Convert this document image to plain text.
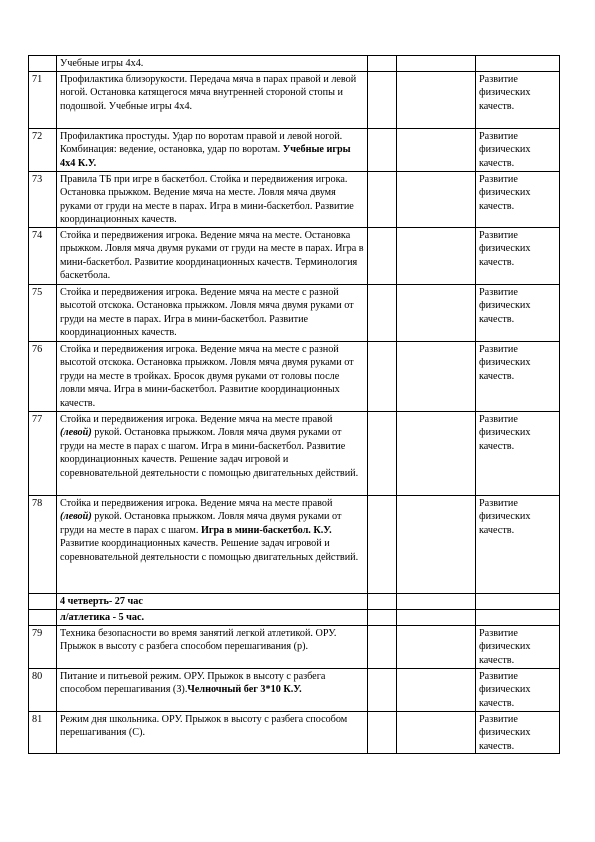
	Учебные игры 4х4.			
71	Профилактика близорукости. Передача мяча в парах правой и левой ногой. Остановка катящегося мяча внутренней стороной стопы и подошвой. Учебные игры 4х4.			Развитие физических качеств.
72	Профилактика простуды. Удар по воротам правой и левой ногой. Комбинация: ведение, остановка, удар по воротам. Учебные игры 4х4 К.У.			Развитие физических качеств.
73	Правила ТБ при игре в баскетбол. Стойка и передвижения игрока. Остановка прыжком. Ведение мяча на месте. Ловля мяча двумя руками от груди на месте в парах. Игра в мини-баскетбол. Развитие координационных качеств.			Развитие физических качеств.
74	Стойка и передвижения игрока. Ведение мяча на месте. Остановка прыжком. Ловля мяча двумя руками от груди на месте в парах. Игра в мини-баскетбол. Развитие координационных качеств. Терминология баскетбола.			Развитие физических качеств.
75	Стойка и передвижения игрока. Ведение мяча на месте с разной высотой отскока. Остановка прыжком. Ловля мяча двумя руками от груди на месте в парах. Игра в мини-баскетбол. Развитие координационных качеств.			Развитие физических качеств.
76	Стойка и передвижения игрока. Ведение мяча на месте с разной высотой отскока. Остановка прыжком. Ловля мяча двумя руками от груди на месте в тройках. Бросок двумя руками от головы после ловли мяча. Игра в мини-баскетбол. Развитие координационных качеств.			Развитие физических качеств.
77	Стойка и передвижения игрока. Ведение мяча на месте правой (левой) рукой. Остановка прыжком. Ловля мяча двумя руками от груди на месте в парах с шагом. Игра в мини-баскетбол. Развитие координационных качеств. Решение задач игровой и соревновательной деятельности с помощью двигательных действий.			Развитие физических качеств.
78	Стойка и передвижения игрока. Ведение мяча на месте правой (левой) рукой. Остановка прыжком. Ловля мяча двумя руками от груди на месте в парах с шагом. Игра в мини-баскетбол. К.У. Развитие координационных качеств. Решение задач игровой и соревновательной деятельности с помощью двигательных действий.			Развитие физических качеств.
	4 четверть- 27 час			
	л/атлетика - 5 час.			
79	Техника безопасности во время занятий легкой атлетикой. ОРУ. Прыжок в высоту с разбега способом перешагивания (р).			Развитие физических качеств.
80	Питание и питьевой режим. ОРУ. Прыжок в высоту с разбега способом перешагивания (З).Челночный бег 3*10 К.У.			Развитие физических качеств.
81	Режим дня школьника. ОРУ. Прыжок в высоту с разбега способом перешагивания (С).			Развитие физических качеств.
